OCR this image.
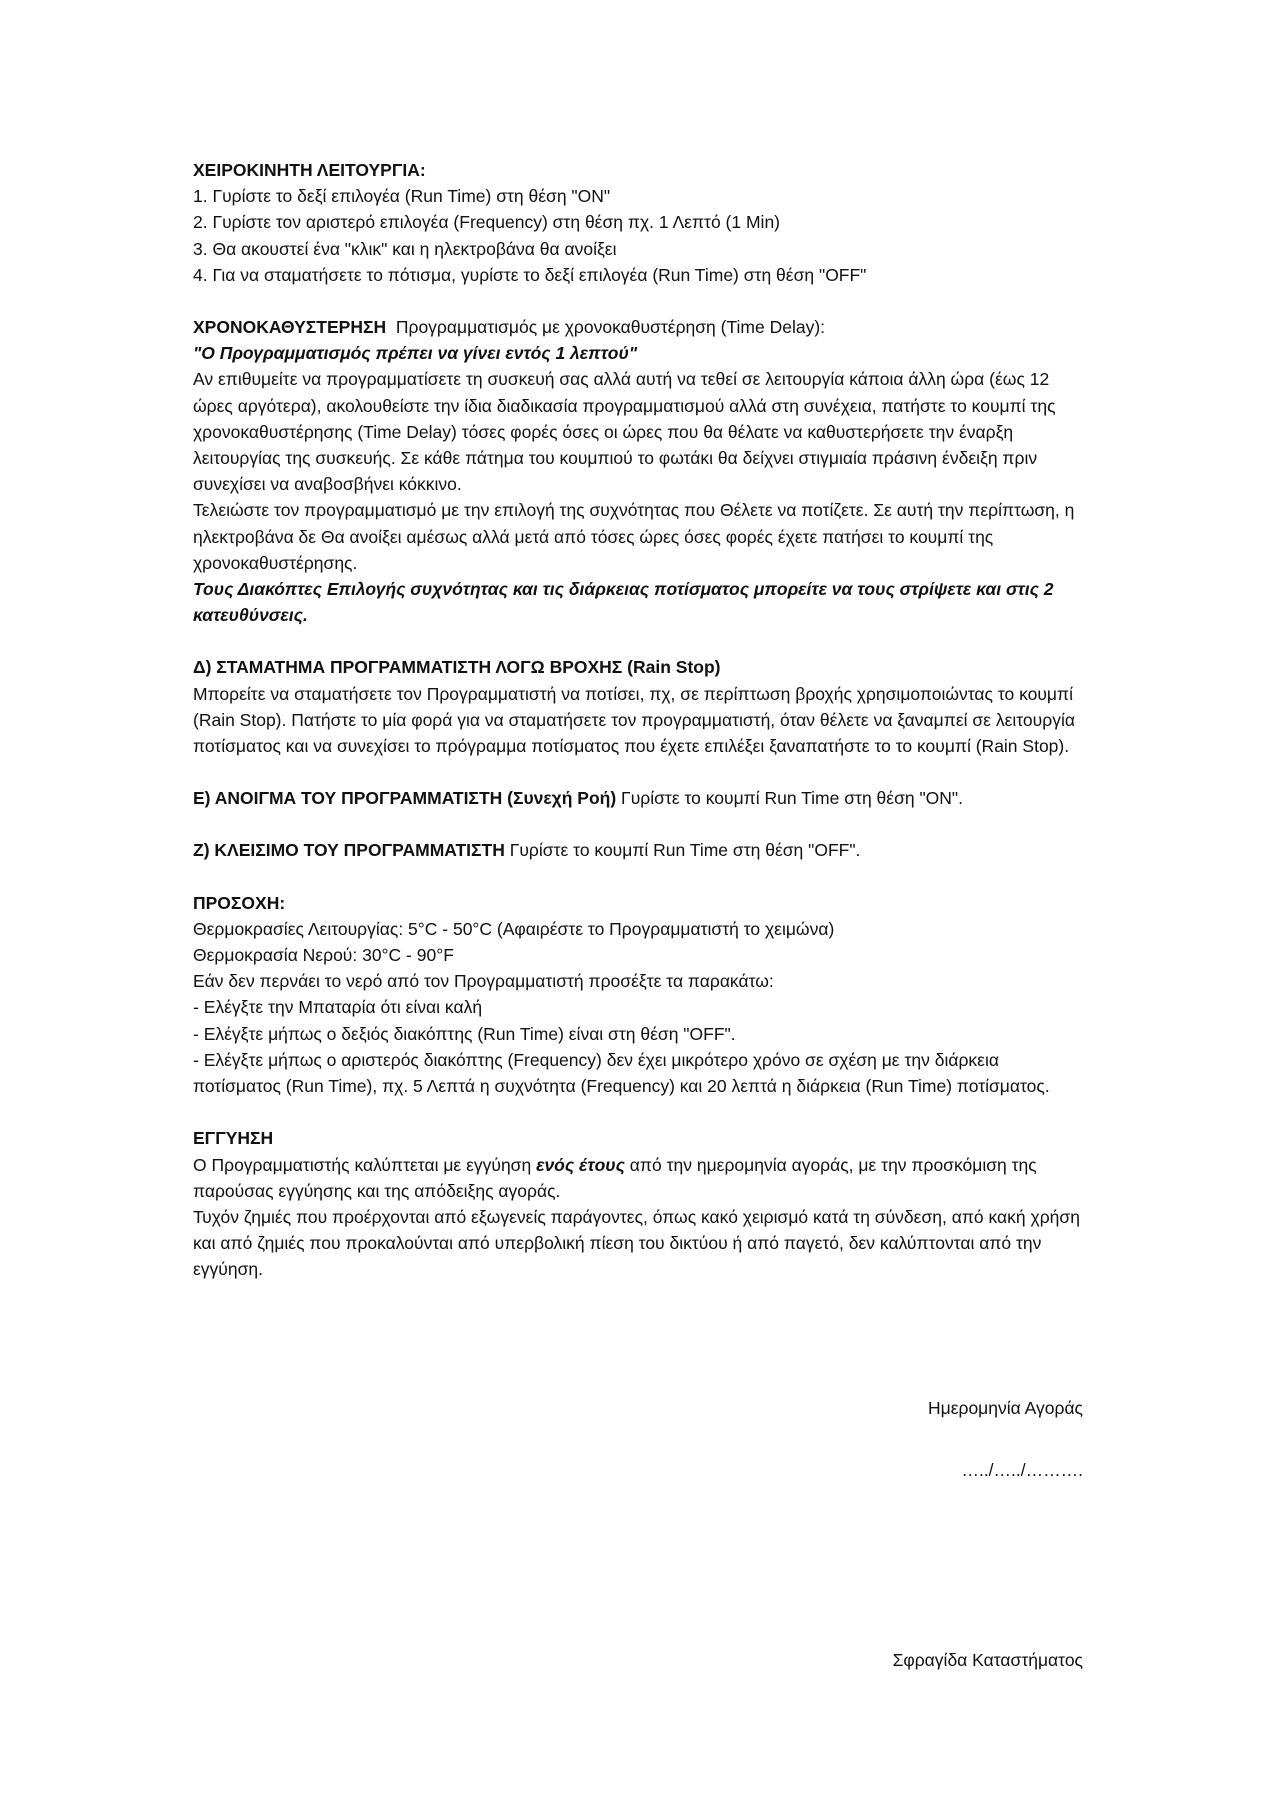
ΧΕΙΡΟΚΙΝΗΤΗ ΛΕΙΤΟΥΡΓΙΑ:

1. Γυρίστε το δεξί επιλογέα (Run Time) στη θέση "ON"

2. Γυρίστε τον αριστερό επιλογέα (Frequency) στη θέση πχ. 1 Λεπτό (1 Min)

3. Θα ακουστεί ένα "κλικ" και η ηλεκτροβάνα θα ανοίξει

4. Για να σταματήσετε το πότισμα, γυρίστε το δεξί επιλογέα (Run Time) στη θέση "OFF"

ΧΡΟΝΟΚΑΘΥΣΤΕΡΗΣΗ  Προγραμματισμός με χρονοκαθυστέρηση (Time Delay):

"Ο Προγραμματισμός πρέπει να γίνει εντός 1 λεπτού"

Αν επιθυμείτε να προγραμματίσετε τη συσκευή σας αλλά αυτή να τεθεί σε λειτουργία κάποια άλλη ώρα (έως 12 ώρες αργότερα), ακολουθείστε την ίδια διαδικασία προγραμματισμού αλλά στη συνέχεια, πατήστε το κουμπί της χρονοκαθυστέρησης (Time Delay) τόσες φορές όσες οι ώρες που θα θέλατε να καθυστερήσετε την έναρξη λειτουργίας της συσκευής. Σε κάθε πάτημα του κουμπιού το φωτάκι θα δείχνει στιγμιαία πράσινη ένδειξη πριν συνεχίσει να αναβοσβήνει κόκκινο.

Τελειώστε τον προγραμματισμό με την επιλογή της συχνότητας που Θέλετε να ποτίζετε. Σε αυτή την περίπτωση, η ηλεκτροβάνα δε Θα ανοίξει αμέσως αλλά μετά από τόσες ώρες όσες φορές έχετε πατήσει το κουμπί της χρονοκαθυστέρησης.

Τους Διακόπτες Επιλογής συχνότητας και τις διάρκειας ποτίσματος μπορείτε να τους στρίψετε και στις 2 κατευθύνσεις.

Δ) ΣΤΑΜΑΤΗΜΑ ΠΡΟΓΡΑΜΜΑΤΙΣΤΗ ΛΟΓΩ ΒΡΟΧΗΣ (Rain Stop)

Μπορείτε να σταματήσετε τον Προγραμματιστή να ποτίσει, πχ, σε περίπτωση βροχής χρησιμοποιώντας το κουμπί (Rain Stop). Πατήστε το μία φορά για να σταματήσετε τον προγραμματιστή, όταν θέλετε να ξαναμπεί σε λειτουργία ποτίσματος και να συνεχίσει το πρόγραμμα ποτίσματος που έχετε επιλέξει ξαναπατήστε το το κουμπί (Rain Stop).

Ε) ΑΝΟΙΓΜΑ ΤΟΥ ΠΡΟΓΡΑΜΜΑΤΙΣΤΗ (Συνεχή Ροή) Γυρίστε το κουμπί Run Time στη θέση "ON".

Ζ) ΚΛΕΙΣΙΜΟ ΤΟΥ ΠΡΟΓΡΑΜΜΑΤΙΣΤΗ Γυρίστε το κουμπί Run Time στη θέση "OFF".

ΠΡΟΣΟΧΗ:

Θερμοκρασίες Λειτουργίας: 5°C - 50°C (Αφαιρέστε το Προγραμματιστή το χειμώνα)

Θερμοκρασία Νερού: 30°C - 90°F

Εάν δεν περνάει το νερό από τον Προγραμματιστή προσέξτε τα παρακάτω:

- Ελέγξτε την Μπαταρία ότι είναι καλή

- Ελέγξτε μήπως ο δεξιός διακόπτης (Run Time) είναι στη θέση "OFF".

- Ελέγξτε μήπως ο αριστερός διακόπτης (Frequency) δεν έχει μικρότερο χρόνο σε σχέση με την διάρκεια ποτίσματος (Run Time), πχ. 5 Λεπτά η συχνότητα (Frequency) και 20 λεπτά η διάρκεια (Run Time) ποτίσματος.

ΕΓΓΥΗΣΗ

Ο Προγραμματιστής καλύπτεται με εγγύηση ενός έτους από την ημερομηνία αγοράς, με την προσκόμιση της παρούσας εγγύησης και της απόδειξης αγοράς.

Τυχόν ζημιές που προέρχονται από εξωγενείς παράγοντες, όπως κακό χειρισμό κατά τη σύνδεση, από κακή χρήση και από ζημιές που προκαλούνται από υπερβολική πίεση του δικτύου ή από παγετό, δεν καλύπτονται από την εγγύηση.

Ημερομηνία Αγοράς
…../…../……….
Σφραγίδα Καταστήματος
